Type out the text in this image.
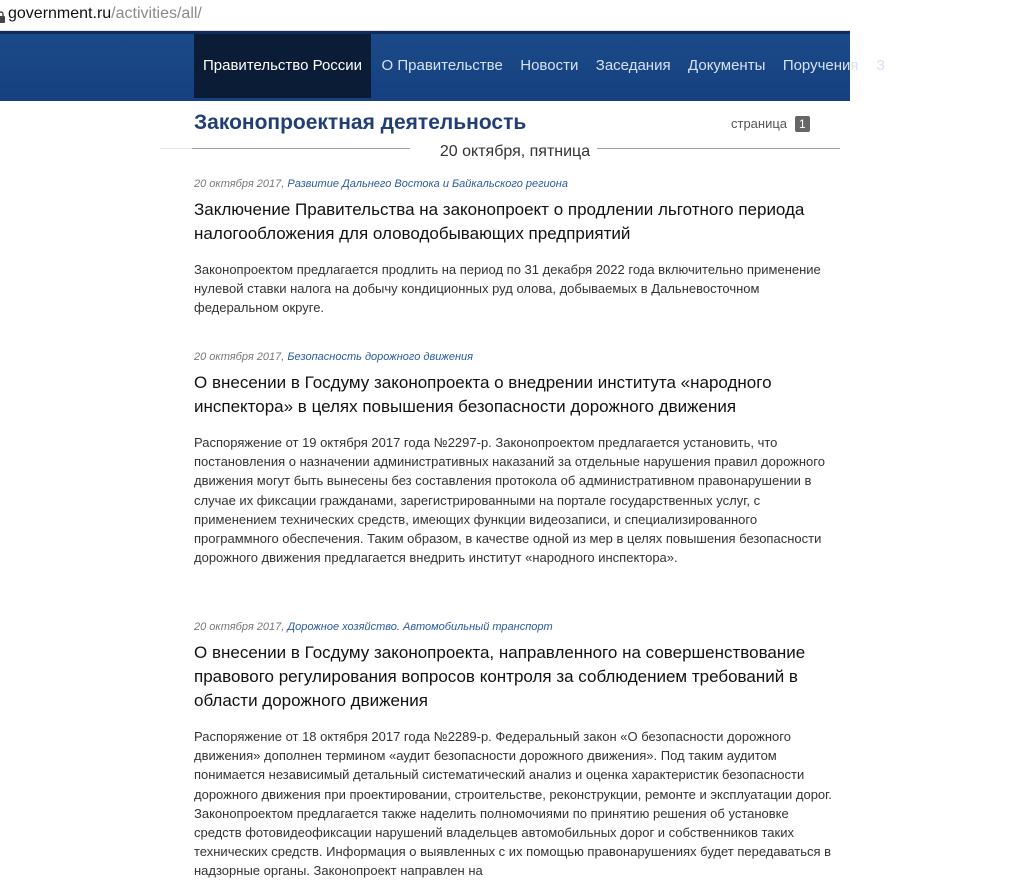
government.ru/activities/all/
Правительство России О Правительстве Новости Заседания Документы Поручения З
Законопроектная деятельность	страница 1
20 октября, пятница
20 октября 2017, Развитие Дальнего Востока и Байкальского региона
Заключение Правительства на законопроект о продлении льготного периода налогообложения для оловодобывающих предприятий
Законопроектом предлагается продлить на период по 31 декабря 2022 года включительно применение нулевой ставки налога на добычу кондиционных руд олова, добываемых в Дальневосточном федеральном округе.
20 октября 2017, Безопасность дорожного движения
О внесении в Госдуму законопроекта о внедрении института «народного инспектора» в целях повышения безопасности дорожного движения
Распоряжение от 19 октября 2017 года №2297-р. Законопроектом предлагается установить, что постановления о назначении административных наказаний за отдельные нарушения правил дорожного движения могут быть вынесены без составления протокола об административном правонарушении в случае их фиксации гражданами, зарегистрированными на портале государственных услуг, с применением технических средств, имеющих функции видеозаписи, и специализированного программного обеспечения. Таким образом, в качестве одной из мер в целях повышения безопасности дорожного движения предлагается внедрить институт «народного инспектора».
20 октября 2017, Дорожное хозяйство. Автомобильный транспорт
О внесении в Госдуму законопроекта, направленного на совершенствование правового регулирования вопросов контроля за соблюдением требований в области дорожного движения
Распоряжение от 18 октября 2017 года №2289-р. Федеральный закон «О безопасности дорожного движения» дополнен термином «аудит безопасности дорожного движения». Под таким аудитом понимается независимый детальный систематический анализ и оценка характеристик безопасности дорожного движения при проектировании, строительстве, реконструкции, ремонте и эксплуатации дорог. Законопроектом предлагается также наделить полномочиями по принятию решения об установке средств фотовидеофиксации нарушений владельцев автомобильных дорог и собственников таких технических средств. Информация о выявленных с их помощью правонарушениях будет передаваться в надзорные органы. Законопроект направлен на
